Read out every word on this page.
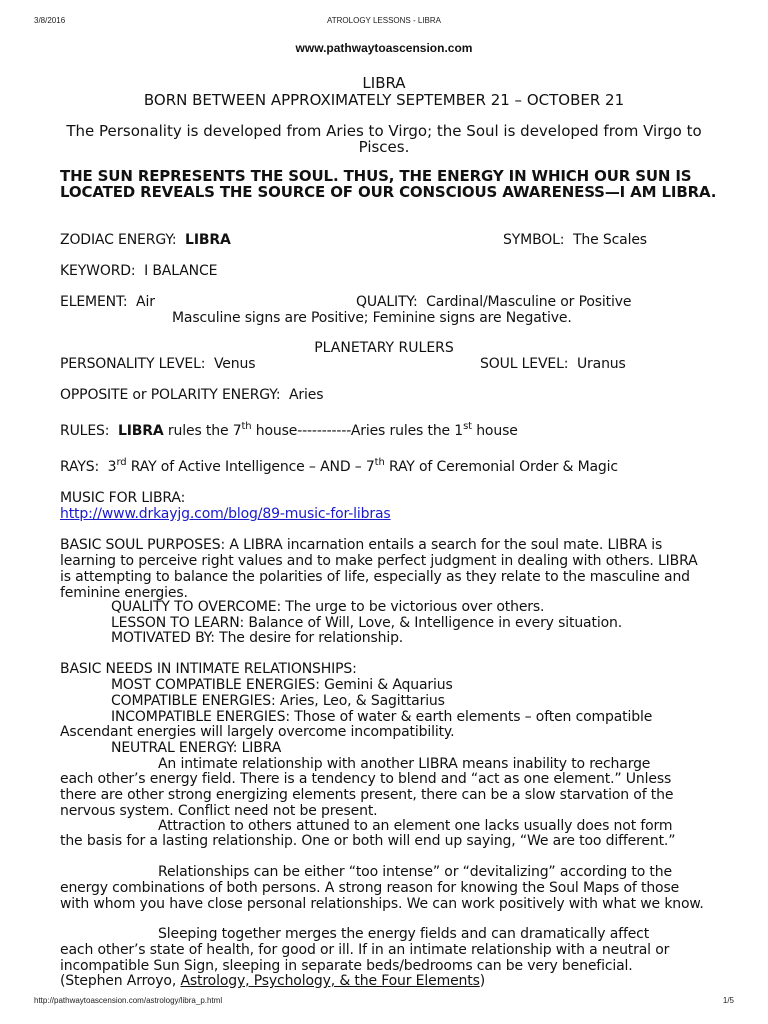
3/8/2016	ATROLOGY LESSONS - LIBRA
www.pathwaytoascension.com
LIBRA
BORN BETWEEN APPROXIMATELY SEPTEMBER 21 – OCTOBER 21
The Personality is developed from Aries to Virgo; the Soul is developed from Virgo to Pisces.
THE SUN REPRESENTS THE SOUL. THUS, THE ENERGY IN WHICH OUR SUN IS LOCATED REVEALS THE SOURCE OF OUR CONSCIOUS AWARENESS—I AM LIBRA.
ZODIAC ENERGY: LIBRA	SYMBOL: The Scales
KEYWORD: I BALANCE
ELEMENT: Air	QUALITY: Cardinal/Masculine or Positive
Masculine signs are Positive; Feminine signs are Negative.
PLANETARY RULERS
PERSONALITY LEVEL: Venus	SOUL LEVEL: Uranus
OPPOSITE or POLARITY ENERGY: Aries
RULES: LIBRA rules the 7th house-----------Aries rules the 1st house
RAYS: 3rd RAY of Active Intelligence – AND – 7th RAY of Ceremonial Order & Magic
MUSIC FOR LIBRA:
http://www.drkayjg.com/blog/89-music-for-libras
BASIC SOUL PURPOSES: A LIBRA incarnation entails a search for the soul mate. LIBRA is learning to perceive right values and to make perfect judgment in dealing with others. LIBRA is attempting to balance the polarities of life, especially as they relate to the masculine and feminine energies.
QUALITY TO OVERCOME: The urge to be victorious over others.
LESSON TO LEARN: Balance of Will, Love, & Intelligence in every situation.
MOTIVATED BY: The desire for relationship.
BASIC NEEDS IN INTIMATE RELATIONSHIPS:
MOST COMPATIBLE ENERGIES: Gemini & Aquarius
COMPATIBLE ENERGIES: Aries, Leo, & Sagittarius
INCOMPATIBLE ENERGIES: Those of water & earth elements – often compatible
Ascendant energies will largely overcome incompatibility.
NEUTRAL ENERGY: LIBRA
An intimate relationship with another LIBRA means inability to recharge
each other’s energy field. There is a tendency to blend and “act as one element.” Unless there are other strong energizing elements present, there can be a slow starvation of the nervous system. Conflict need not be present.
Attraction to others attuned to an element one lacks usually does not form
the basis for a lasting relationship. One or both will end up saying, “We are too different.”
Relationships can be either “too intense” or “devitalizing” according to the
energy combinations of both persons. A strong reason for knowing the Soul Maps of those with whom you have close personal relationships. We can work positively with what we know.
Sleeping together merges the energy fields and can dramatically affect
each other’s state of health, for good or ill. If in an intimate relationship with a neutral or incompatible Sun Sign, sleeping in separate beds/bedrooms can be very beneficial.
(Stephen Arroyo, Astrology, Psychology, & the Four Elements)
http://pathwaytoascension.com/astrology/libra_p.html	1/5
